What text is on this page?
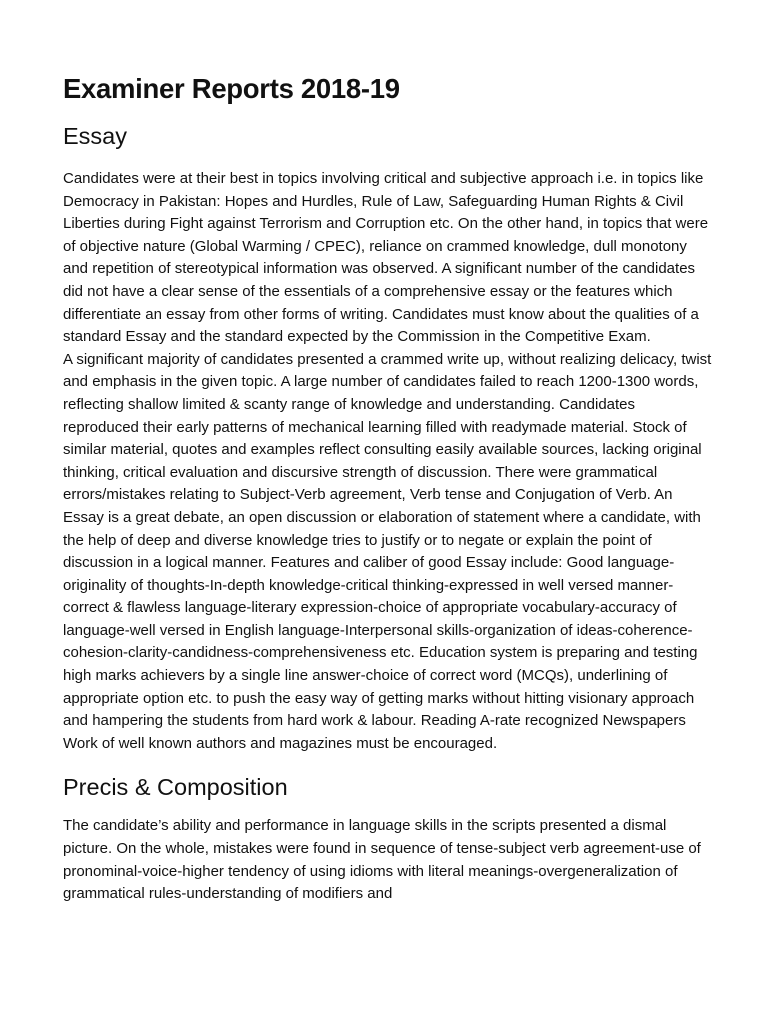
Examiner Reports 2018-19
Essay

Candidates were at their best in topics involving critical and subjective approach i.e. in topics like Democracy in Pakistan: Hopes and Hurdles, Rule of Law, Safeguarding Human Rights & Civil Liberties during Fight against Terrorism and Corruption etc. On the other hand, in topics that were of objective nature (Global Warming / CPEC), reliance on crammed knowledge, dull monotony and repetition of stereotypical information was observed. A significant number of the candidates did not have a clear sense of the essentials of a comprehensive essay or the features which differentiate an essay from other forms of writing. Candidates must know about the qualities of a standard Essay and the standard expected by the Commission in the Competitive Exam.

A significant majority of candidates presented a crammed write up, without realizing delicacy, twist and emphasis in the given topic. A large number of candidates failed to reach 1200-1300 words, reflecting shallow limited & scanty range of knowledge and understanding. Candidates reproduced their early patterns of mechanical learning filled with readymade material. Stock of similar material, quotes and examples reflect consulting easily available sources, lacking original thinking, critical evaluation and discursive strength of discussion. There were grammatical errors/mistakes relating to Subject-Verb agreement, Verb tense and Conjugation of Verb. An Essay is a great debate, an open discussion or elaboration of statement where a candidate, with the help of deep and diverse knowledge tries to justify or to negate or explain the point of discussion in a logical manner. Features and caliber of good Essay include: Good language-originality of thoughts-In-depth knowledge-critical thinking-expressed in well versed manner-correct & flawless language-literary expression-choice of appropriate vocabulary-accuracy of language-well versed in English language-Interpersonal skills-organization of ideas-coherence-cohesion-clarity-candidness-comprehensiveness etc. Education system is preparing and testing high marks achievers by a single line answer-choice of correct word (MCQs), underlining of appropriate option etc. to push the easy way of getting marks without hitting visionary approach and hampering the students from hard work & labour. Reading A-rate recognized Newspapers Work of well known authors and magazines must be encouraged.

Precis & Composition

The candidate’s ability and performance in language skills in the scripts presented a dismal picture. On the whole, mistakes were found in sequence of tense-subject verb agreement-use of pronominal-voice-higher tendency of using idioms with literal meanings-overgeneralization of grammatical rules-understanding of modifiers and
